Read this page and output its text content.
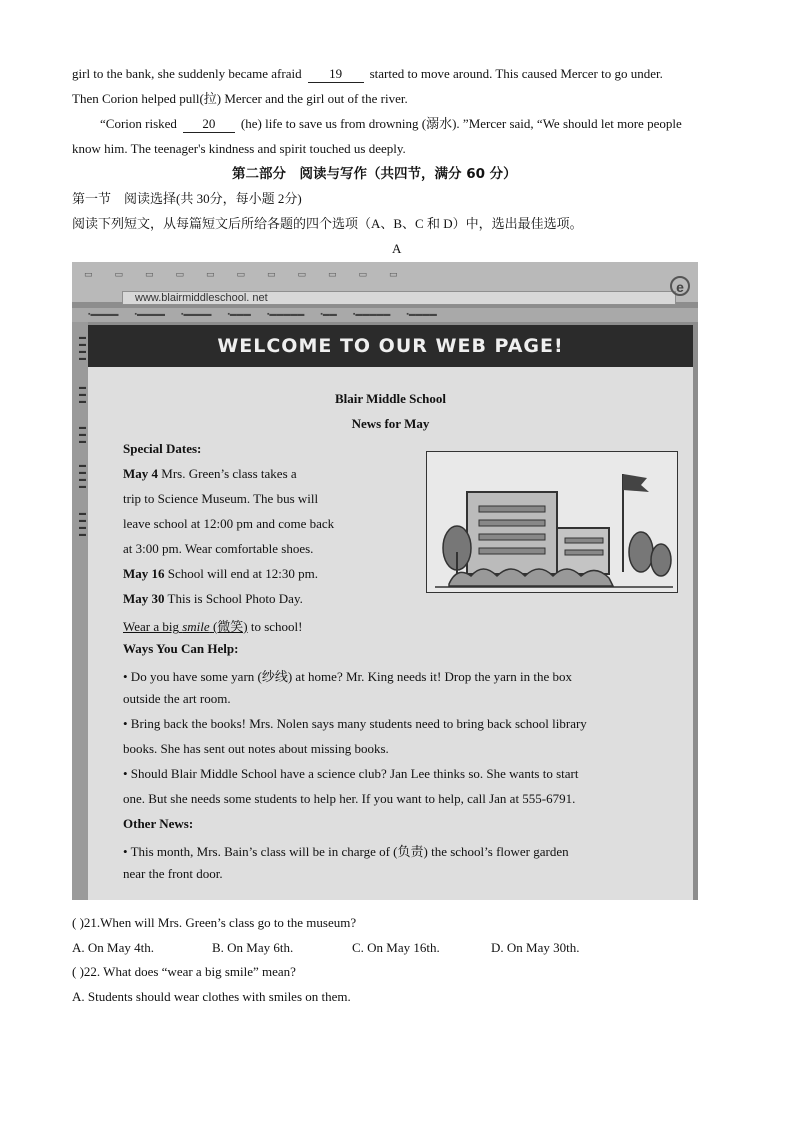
girl to the bank, she suddenly became afraid 19 started to move around. This caused Mercer to go under.
Then Corion helped pull(拉) Mercer and the girl out of the river.
“Corion risked 20 (he) life to save us from drowning (溺水). ”Mercer said, “We should let more people
know him. The teenager's kindness and spirit touched us deeply.
第二部分　阅读与写作（共四节，满分 60 分）
第一节　阅读选择(共 30分，每小题 2分)
阅读下列短文，从每篇短文后所给各题的四个选项（A、B、C 和 D）中，选出最佳选项。
A
▭▭▭▭▭▭▭▭▭▭▭
www.blairmiddleschool. net
e
▪▬▬▬▬ ▪▬▬▬▬ ▪▬▬▬▬ ▪▬▬▬ ▪▬▬▬▬▬ ▪▬▬ ▪▬▬▬▬▬ ▪▬▬▬▬
▬▬▬▬
▬▬▬
▬▬▬
▬▬▬▬
▬▬▬▬
WELCOME TO OUR WEB PAGE!
Blair Middle School
News for May
Special Dates:
May 4 Mrs. Green’s class takes a
trip to Science Museum. The bus will
leave school at 12:00 pm and come back
at 3:00 pm. Wear comfortable shoes.
May 16 School will end at 12:30 pm.
May 30 This is School Photo Day.
Wear a big smile (微笑) to school!
Ways You Can Help:
• Do you have some yarn (纱线) at home? Mr. King needs it! Drop the yarn in the box
outside the art room.
• Bring back the books! Mrs. Nolen says many students need to bring back school library
books. She has sent out notes about missing books.
• Should Blair Middle School have a science club? Jan Lee thinks so. She wants to start
one. But she needs some students to help her. If you want to help, call Jan at 555-6791.
Other News:
• This month, Mrs. Bain’s class will be in charge of (负责) the school’s flower garden
near the front door.
( )21.When will Mrs. Green’s class go to the museum?
A. On May 4th.	B. On May 6th.	C. On May 16th.	D. On May 30th.
( )22. What does “wear a big smile” mean?
A. Students should wear clothes with smiles on them.
